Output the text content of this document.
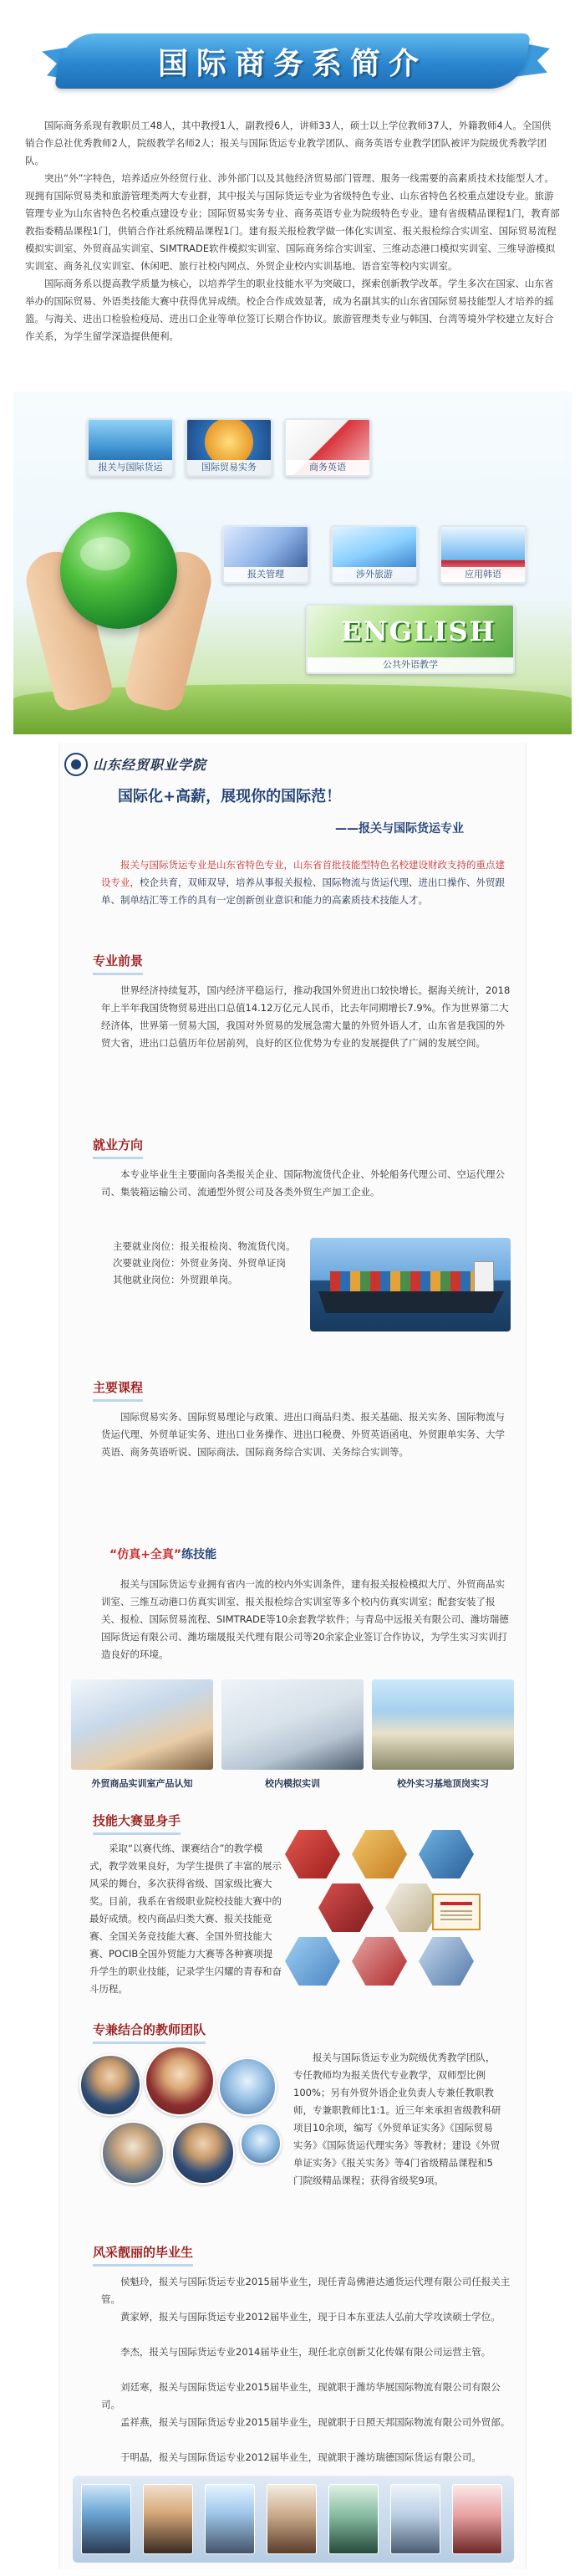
国际商务系简介

国际商务系现有教职员工48人，其中教授1人，副教授6人，讲师33人，硕士以上学位教师37人，外籍教师4人。全国供销合作总社优秀教师2人，院级教学名师2人；报关与国际货运专业教学团队、商务英语专业教学团队被评为院级优秀教学团队。

突出“外”字特色，培养适应外经贸行业、涉外部门以及其他经济贸易部门管理、服务一线需要的高素质技术技能型人才。现拥有国际贸易类和旅游管理类两大专业群，其中报关与国际货运专业为省级特色专业、山东省特色名校重点建设专业。旅游管理专业为山东省特色名校重点建设专业；国际贸易实务专业、商务英语专业为院级特色专业。建有省级精品课程1门，教育部教指委精品课程1门，供销合作社系统精品课程1门。建有报关报检教学做一体化实训室、报关报检综合实训室、国际贸易流程模拟实训室、外贸商品实训室、SIMTRADE软件模拟实训室、国际商务综合实训室、三维动态港口模拟实训室、三维导游模拟实训室、商务礼仪实训室、休闲吧、旅行社校内网点、外贸企业校内实训基地、语音室等校内实训室。

国际商务系以提高教学质量为核心，以培养学生的职业技能水平为突破口，探索创新教学改革。学生多次在国家、山东省举办的国际贸易、外语类技能大赛中获得优异成绩。校企合作成效显著，成为名副其实的山东省国际贸易技能型人才培养的摇篮。与海关、进出口检验检疫局、进出口企业等单位签订长期合作协议。旅游管理类专业与韩国、台湾等境外学校建立友好合作关系，为学生留学深造提供便利。

报关与国际货运	国际贸易实务	商务英语
报关管理	涉外旅游	应用韩语
ENGLISH
公共外语教学
山东经贸职业学院
国际化+高薪，展现你的国际范！
——报关与国际货运专业
报关与国际货运专业是山东省特色专业，山东省首批技能型特色名校建设财政支持的重点建设专业，校企共育，双师双导，培养从事报关报检、国际物流与货运代理、进出口操作、外贸跟单、制单结汇等工作的具有一定创新创业意识和能力的高素质技术技能人才。
专业前景
世界经济持续复苏，国内经济平稳运行，推动我国外贸进出口较快增长。据海关统计，2018年上半年我国货物贸易进出口总值14.12万亿元人民币，比去年同期增长7.9%。作为世界第二大经济体，世界第一贸易大国，我国对外贸易的发展急需大量的外贸外语人才，山东省是我国的外贸大省，进出口总值历年位居前列，良好的区位优势为专业的发展提供了广阔的发展空间。
就业方向
本专业毕业生主要面向各类报关企业、国际物流货代企业、外轮船务代理公司、空运代理公司、集装箱运输公司、流通型外贸公司及各类外贸生产加工企业。
主要就业岗位：报关报检岗、物流货代岗。
次要就业岗位：外贸业务岗、外贸单证岗
其他就业岗位：外贸跟单岗。
主要课程
国际贸易实务、国际贸易理论与政策、进出口商品归类、报关基础、报关实务、国际物流与货运代理、外贸单证实务、进出口业务操作、进出口税费、外贸英语函电、外贸跟单实务、大学英语、商务英语听说、国际商法、国际商务综合实训、关务综合实训等。
“仿真+全真”练技能
报关与国际货运专业拥有省内一流的校内外实训条件，建有报关报检模拟大厅、外贸商品实训室、三维互动港口仿真实训室、报关报检综合实训室等多个校内仿真实训室；配套安装了报关、报检、国际贸易流程、SIMTRADE等10余套教学软件；与青岛中远报关有限公司、潍坊瑞德国际货运有限公司、潍坊瑞晟报关代理有限公司等20余家企业签订合作协议，为学生实习实训打造良好的环境。
外贸商品实训室产品认知	校内模拟实训	校外实习基地顶岗实习
技能大赛显身手
采取“以赛代练、课赛结合”的教学模式，教学效果良好，为学生提供了丰富的展示风采的舞台，多次获得省级、国家级比赛大奖。目前，我系在省级职业院校技能大赛中的最好成绩。校内商品归类大赛、报关技能竞赛、全国关务竞技能大赛、全国外贸技能大赛、POCIB全国外贸能力大赛等各种赛项提升学生的职业技能，记录学生闪耀的青春和奋斗历程。
专兼结合的教师团队
报关与国际货运专业为院级优秀教学团队，专任教师均为报关货代专业教学，双师型比例100%；另有外贸外语企业负责人专兼任教职教师，专兼职教师比1:1。近三年来承担省级教科研项目10余项，编写《外贸单证实务》《国际贸易实务》《国际货运代理实务》等教材；建设《外贸单证实务》《报关实务》等4门省级精品课程和5门院级精品课程；获得省级奖9项。
风采靓丽的毕业生
侯魁玲，报关与国际货运专业2015届毕业生，现任青岛佛港达通货运代理有限公司任报关主管。
黄家婷，报关与国际货运专业2012届毕业生，现于日本东亚法人弘前大学攻读硕士学位。
李杰，报关与国际货运专业2014届毕业生，现任北京创新艾化传媒有限公司运营主管。
刘廷寒，报关与国际货运专业2015届毕业生，现就职于潍坊华展国际物流有限公司有限公司。
孟祥燕，报关与国际货运专业2015届毕业生，现就职于日照天邦国际物流有限公司外贸部。
于明晶，报关与国际货运专业2012届毕业生，现就职于潍坊瑞德国际货运有限公司。
